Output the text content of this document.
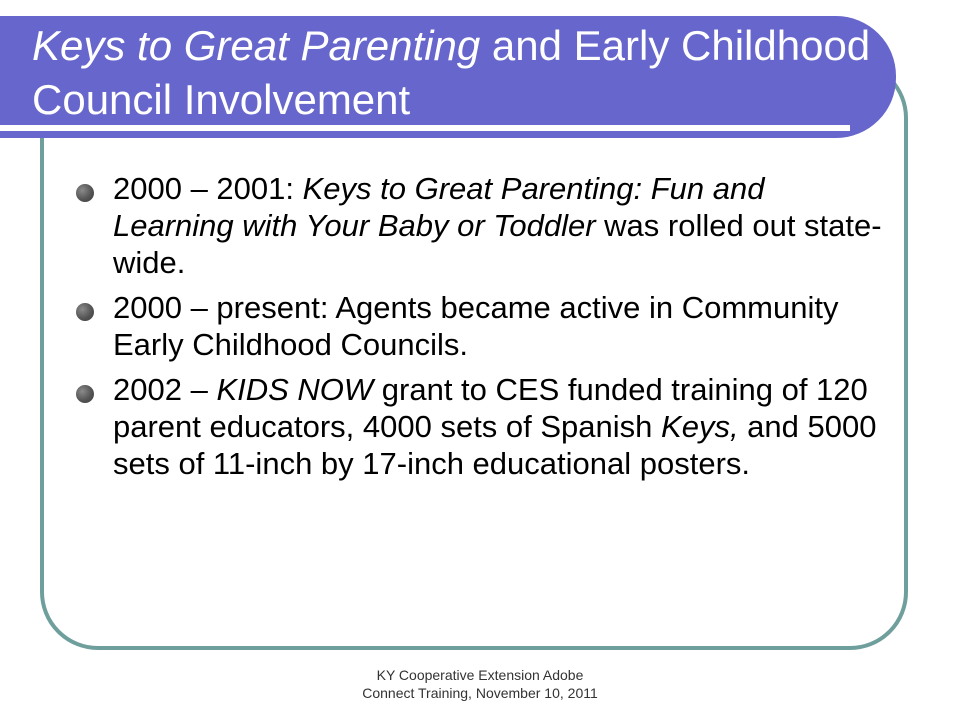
Keys to Great Parenting and Early Childhood Council Involvement
2000 – 2001: Keys to Great Parenting: Fun and Learning with Your Baby or Toddler was rolled out state-wide.
2000 – present: Agents became active in Community Early Childhood Councils.
2002 – KIDS NOW grant to CES funded training of 120 parent educators, 4000 sets of Spanish Keys, and 5000 sets of 11-inch by 17-inch educational posters.
KY Cooperative Extension Adobe
Connect Training, November 10, 2011
